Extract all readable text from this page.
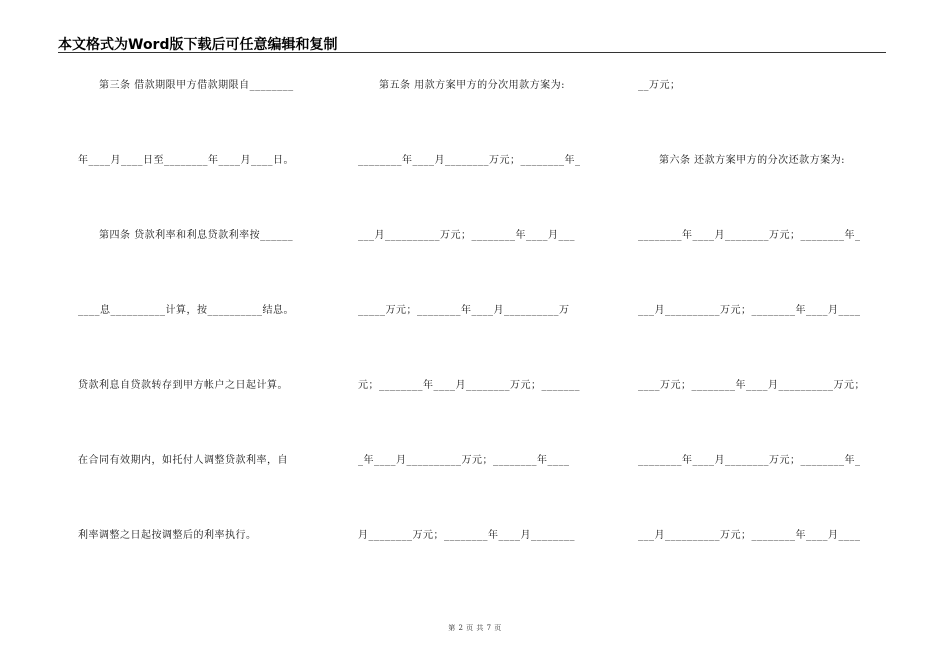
本文格式为Word版下载后可任意编辑和复制
　　第三条 借款期限甲方借款期限自________
年____月____日至________年____月____日。
　　第四条 贷款利率和利息贷款利率按______
____息__________计算，按__________结息。
贷款利息自贷款转存到甲方帐户之日起计算。
在合同有效期内，如托付人调整贷款利率，自
利率调整之日起按调整后的利率执行。
　　第五条 用款方案甲方的分次用款方案为:
________年____月________万元；________年_
___月__________万元；________年____月___
_____万元；________年____月__________万
元；________年____月________万元；_______
_年____月__________万元；________年____
月________万元；________年____月________
__万元；
　　第六条 还款方案甲方的分次还款方案为:
________年____月________万元；________年_
___月__________万元；________年____月____
____万元；________年____月__________万元；
________年____月________万元；________年_
___月__________万元；________年____月____
第 2 页 共 7 页
